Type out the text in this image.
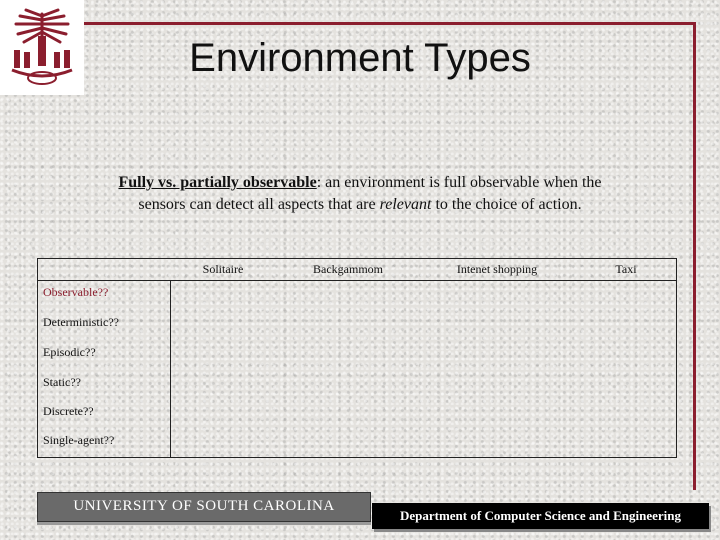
Environment Types
Fully vs. partially observable: an environment is full observable when the
sensors can detect all aspects that are relevant to the choice of action.
Solitaire	Backgammom	Intenet shopping	Taxi
Observable??
Deterministic??
Episodic??
Static??
Discrete??
Single-agent??
UNIVERSITY OF SOUTH CAROLINA
Department of Computer Science and Engineering
